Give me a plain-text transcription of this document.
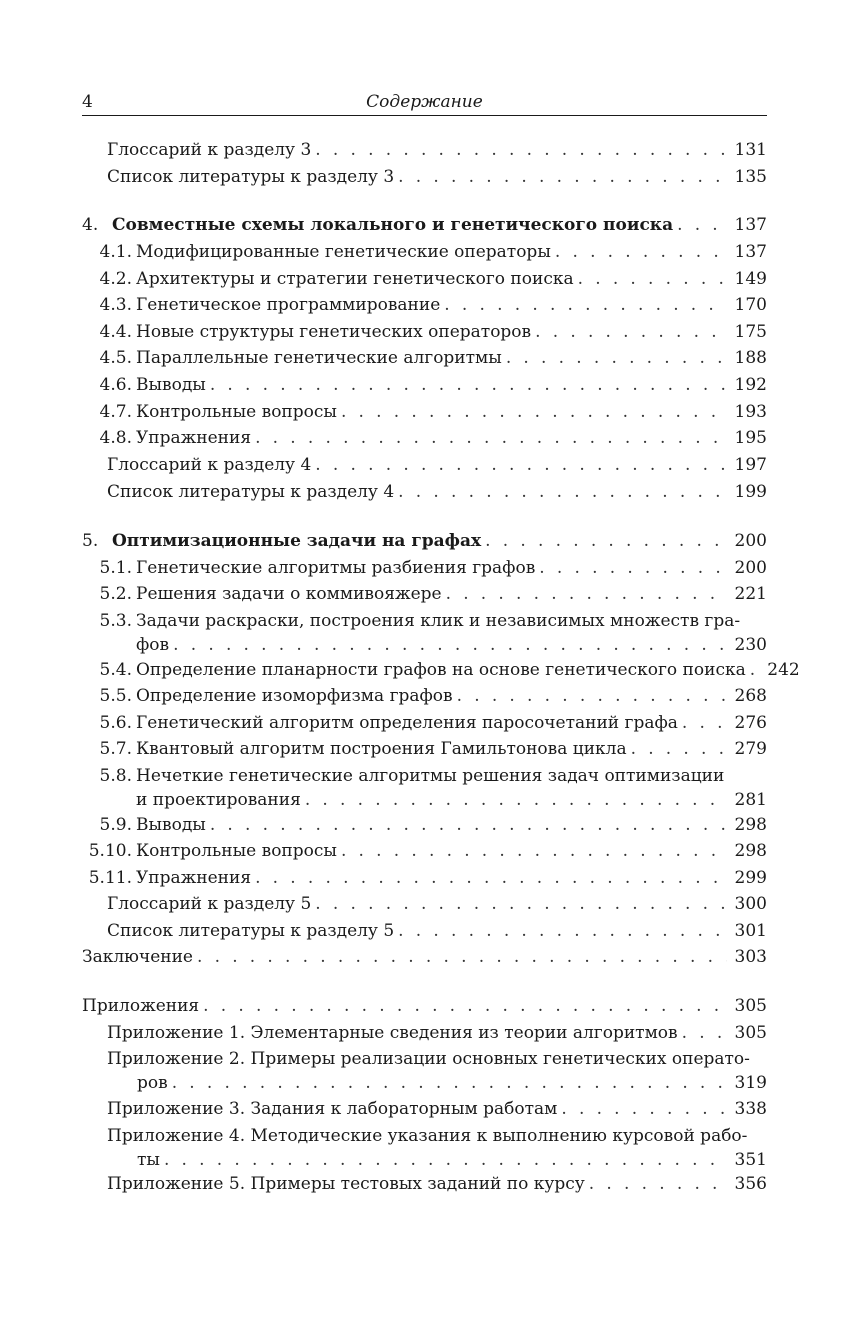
4	Содержание
Глоссарий к разделу 3 . . .	131
Список литературы к разделу 3 . . .	135
4. Совместные схемы локального и генетического поиска . . .	137
4.1. Модифицированные генетические операторы . . .	137
4.2. Архитектуры и стратегии генетического поиска . . .	149
4.3. Генетическое программирование . . .	170
4.4. Новые структуры генетических операторов . . .	175
4.5. Параллельные генетические алгоритмы . . .	188
4.6. Выводы . . .	192
4.7. Контрольные вопросы . . .	193
4.8. Упражнения . . .	195
Глоссарий к разделу 4 . . .	197
Список литературы к разделу 4 . . .	199
5. Оптимизационные задачи на графах . . .	200
5.1. Генетические алгоритмы разбиения графов . . .	200
5.2. Решения задачи о коммивояжере . . .	221
5.3. Задачи раскраски, построения клик и независимых множеств гра-
фов . . .	230
5.4. Определение планарности графов на основе генетического поиска . . . 242
5.5. Определение изоморфизма графов . . .	268
5.6. Генетический алгоритм определения паросочетаний графа . . .	276
5.7. Квантовый алгоритм построения Гамильтонова цикла . . .	279
5.8. Нечеткие генетические алгоритмы решения задач оптимизации
и проектирования . . .	281
5.9. Выводы . . .	298
5.10. Контрольные вопросы . . .	298
5.11. Упражнения . . .	299
Глоссарий к разделу 5 . . .	300
Список литературы к разделу 5 . . .	301
Заключение . . .	303
Приложения . . .	305
Приложение 1. Элементарные сведения из теории алгоритмов . . .	305
Приложение 2. Примеры реализации основных генетических операто-
ров . . .	319
Приложение 3. Задания к лабораторным работам . . .	338
Приложение 4. Методические указания к выполнению курсовой рабо-
ты . . .	351
Приложение 5. Примеры тестовых заданий по курсу . . .	356
